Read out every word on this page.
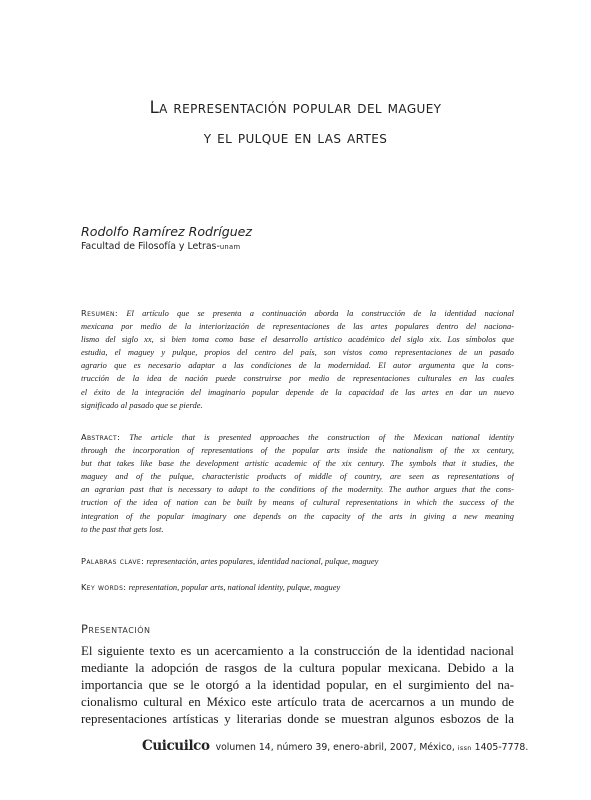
La representación popular del maguey
y el pulque en las artes
Rodolfo Ramírez Rodríguez
Facultad de Filosofía y Letras-unam
Resumen: El artículo que se presenta a continuación aborda la construcción de la identidad nacional
mexicana por medio de la interiorización de representaciones de las artes populares dentro del naciona-
lismo del siglo xx, si bien toma como base el desarrollo artístico académico del siglo xix. Los símbolos que
estudia, el maguey y pulque, propios del centro del país, son vistos como representaciones de un pasado
agrario que es necesario adaptar a las condiciones de la modernidad. El autor argumenta que la cons-
trucción de la idea de nación puede construirse por medio de representaciones culturales en las cuales
el éxito de la integración del imaginario popular depende de la capacidad de las artes en dar un nuevo
significado al pasado que se pierde.
Abstract: The article that is presented approaches the construction of the Mexican national identity
through the incorporation of representations of the popular arts inside the nationalism of the xx century,
but that takes like base the development artistic academic of the xix century. The symbols that it studies, the
maguey and of the pulque, characteristic products of middle of country, are seen as representations of
an agrarian past that is necessary to adapt to the conditions of the modernity. The author argues that the cons-
truction of the idea of nation can be built by means of cultural representations in which the success of the
integration of the popular imaginary one depends on the capacity of the arts in giving a new meaning
to the past that gets lost.
Palabras clave: representación, artes populares, identidad nacional, pulque, maguey
Key words: representation, popular arts, national identity, pulque, maguey
Presentación
El siguiente texto es un acercamiento a la construcción de la identidad nacional
mediante la adopción de rasgos de la cultura popular mexicana. Debido a la
importancia que se le otorgó a la identidad popular, en el surgimiento del na-
cionalismo cultural en México este artículo trata de acercarnos a un mundo de
representaciones artísticas y literarias donde se muestran algunos esbozos de la
Cuicuilco volumen 14, número 39, enero-abril, 2007, México, issn 1405-7778.
